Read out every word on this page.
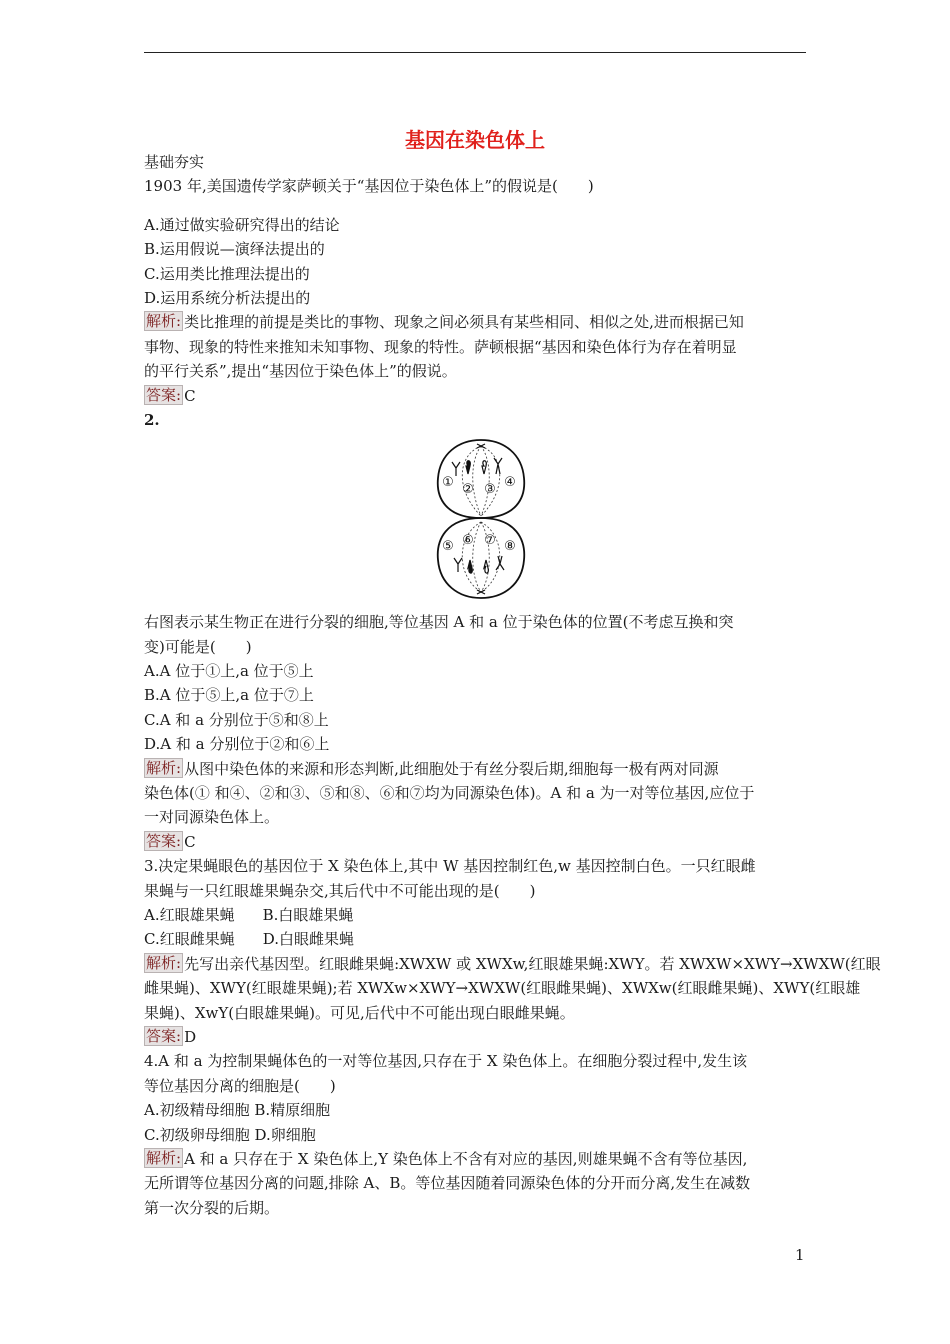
基因在染色体上
基础夯实
1903 年,美国遗传学家萨顿关于“基因位于染色体上”的假说是(　　)
A.通过做实验研究得出的结论
B.运用假说—演绎法提出的
C.运用类比推理法提出的
D.运用系统分析法提出的
解析: 类比推理的前提是类比的事物、现象之间必须具有某些相同、相似之处,进而根据已知
事物、现象的特性来推知未知事物、现象的特性。萨顿根据“基因和染色体行为存在着明显
的平行关系”,提出“基因位于染色体上”的假说。
答案: C
2.
① ② ③ ④
⑤ ⑥ ⑦ ⑧
右图表示某生物正在进行分裂的细胞,等位基因 A 和 a 位于染色体的位置(不考虑互换和突
变)可能是(　　)
A.A 位于①上,a 位于⑤上
B.A 位于⑤上,a 位于⑦上
C.A 和 a 分别位于⑤和⑧上
D.A 和 a 分别位于②和⑥上
解析: 从图中染色体的来源和形态判断,此细胞处于有丝分裂后期,细胞每一极有两对同源
染色体(① 和④、②和③、⑤和⑧、⑥和⑦均为同源染色体)。A 和 a 为一对等位基因,应位于
一对同源染色体上。
答案: C
3.决定果蝇眼色的基因位于 X 染色体上,其中 W 基因控制红色,w 基因控制白色。一只红眼雌
果蝇与一只红眼雄果蝇杂交,其后代中不可能出现的是(　　)
A.红眼雄果蝇 B.白眼雄果蝇
C.红眼雌果蝇 D.白眼雌果蝇
解析: 先写出亲代基因型。红眼雌果蝇:XWXW 或 XWXw,红眼雄果蝇:XWY。若 XWXW×XWY→XWXW(红眼
雌果蝇)、XWY(红眼雄果蝇);若 XWXw×XWY→XWXW(红眼雌果蝇)、XWXw(红眼雌果蝇)、XWY(红眼雄
果蝇)、XwY(白眼雄果蝇)。可见,后代中不可能出现白眼雌果蝇。
答案: D
4.A 和 a 为控制果蝇体色的一对等位基因,只存在于 X 染色体上。在细胞分裂过程中,发生该
等位基因分离的细胞是(　　)
A.初级精母细胞 B.精原细胞
C.初级卵母细胞 D.卵细胞
解析: A 和 a 只存在于 X 染色体上,Y 染色体上不含有对应的基因,则雄果蝇不含有等位基因,
无所谓等位基因分离的问题,排除 A、B。等位基因随着同源染色体的分开而分离,发生在减数
第一次分裂的后期。
1
